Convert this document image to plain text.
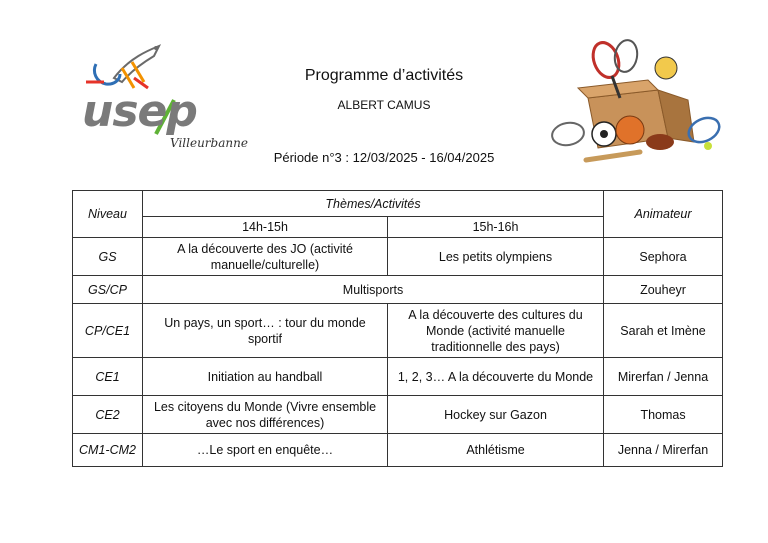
usep
Villeurbanne
Programme d’activités
ALBERT CAMUS
Période n°3 : 12/03/2025 - 16/04/2025
Niveau	Thèmes/Activités		Animateur
	14h-15h	15h-16h	
GS	A la découverte des JO (activité manuelle/culturelle)	Les petits olympiens	Sephora
GS/CP	Multisports		Zouheyr
CP/CE1	Un pays, un sport… : tour du monde sportif	A la découverte des cultures du Monde (activité manuelle traditionnelle des pays)	Sarah et Imène
CE1	Initiation au handball	1, 2, 3… A la découverte du Monde	Mirerfan / Jenna
CE2	Les citoyens du Monde (Vivre ensemble avec nos différences)	Hockey sur Gazon	Thomas
CM1-CM2	…Le sport en enquête…	Athlétisme	Jenna / Mirerfan
